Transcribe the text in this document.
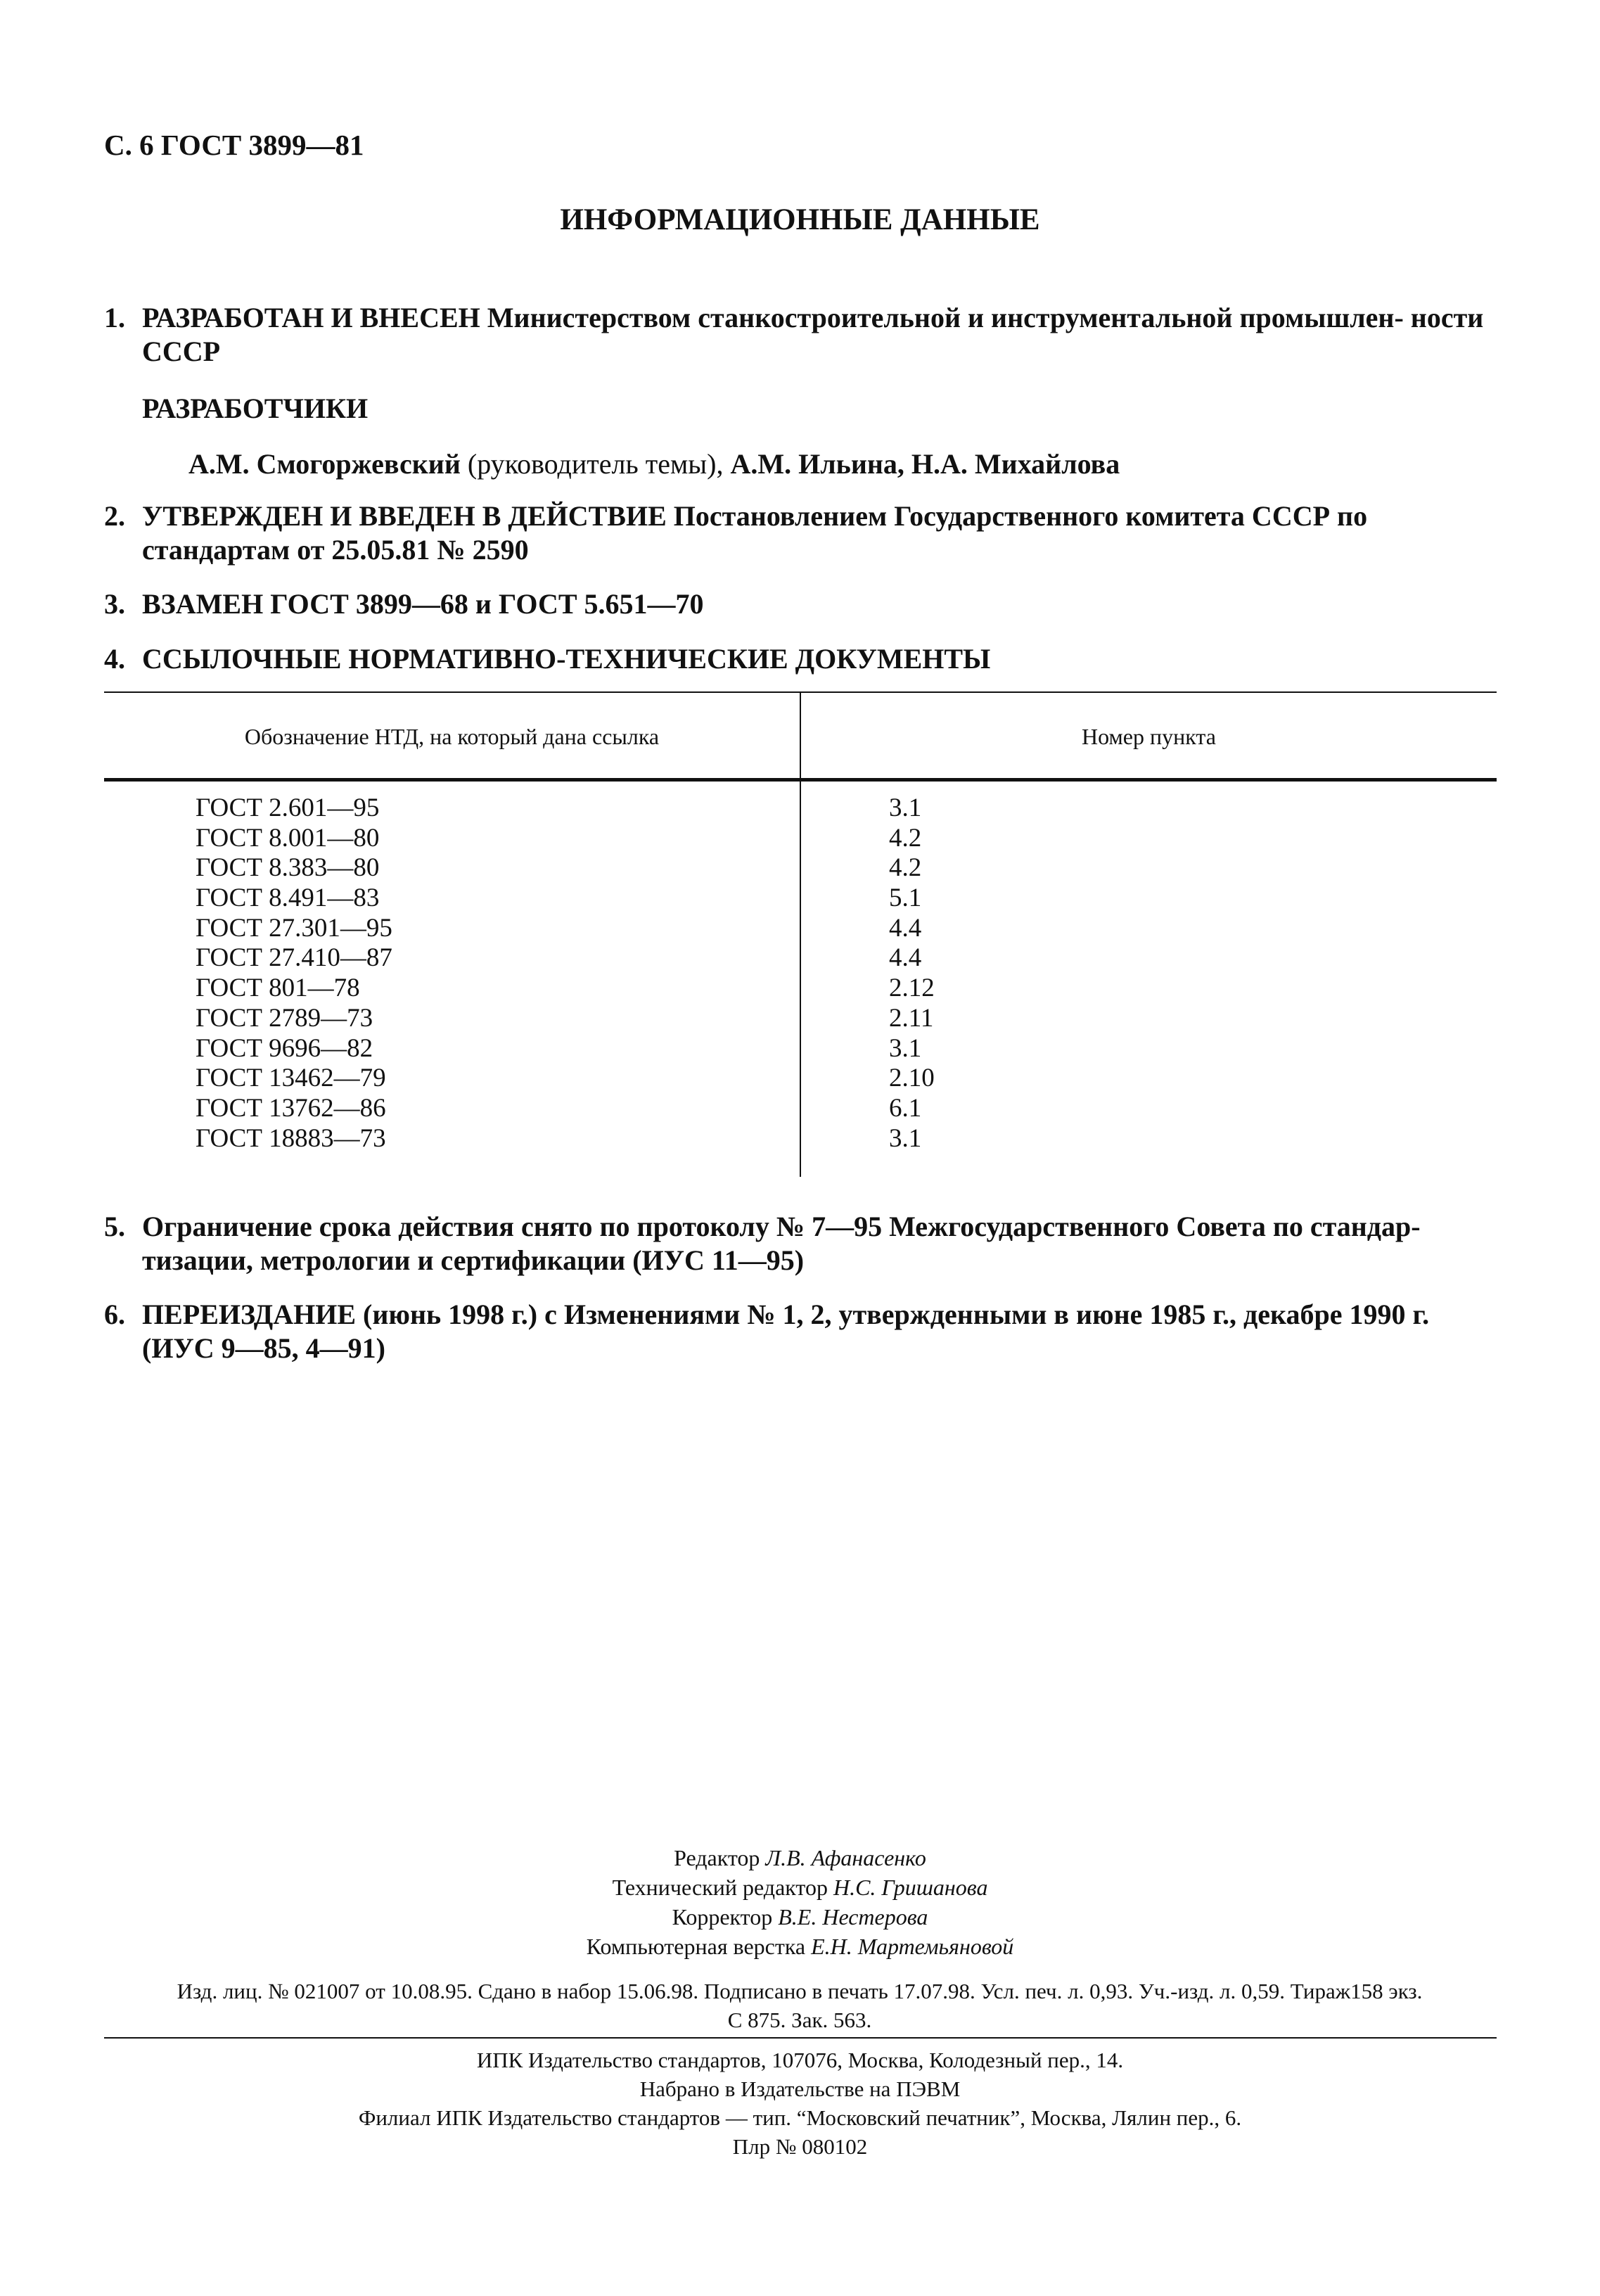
С. 6 ГОСТ 3899—81
ИНФОРМАЦИОННЫЕ ДАННЫЕ
1. РАЗРАБОТАН И ВНЕСЕН Министерством станкостроительной и инструментальной промышлен- ности СССР
РАЗРАБОТЧИКИ
А.М. Смогоржевский (руководитель темы), А.М. Ильина, Н.А. Михайлова
2. УТВЕРЖДЕН И ВВЕДЕН В ДЕЙСТВИЕ Постановлением Государственного комитета СССР по стандартам от 25.05.81 № 2590
3. ВЗАМЕН ГОСТ 3899—68 и ГОСТ 5.651—70
4. ССЫЛОЧНЫЕ НОРМАТИВНО-ТЕХНИЧЕСКИЕ ДОКУМЕНТЫ
Обозначение НТД, на который дана ссылка	Номер пункта
ГОСТ 2.601—95	3.1
ГОСТ 8.001—80	4.2
ГОСТ 8.383—80	4.2
ГОСТ 8.491—83	5.1
ГОСТ 27.301—95	4.4
ГОСТ 27.410—87	4.4
ГОСТ 801—78	2.12
ГОСТ 2789—73	2.11
ГОСТ 9696—82	3.1
ГОСТ 13462—79	2.10
ГОСТ 13762—86	6.1
ГОСТ 18883—73	3.1
5. Ограничение срока действия снято по протоколу № 7—95 Межгосударственного Совета по стандар- тизации, метрологии и сертификации (ИУС 11—95)
6. ПЕРЕИЗДАНИЕ (июнь 1998 г.) с Изменениями № 1, 2, утвержденными в июне 1985 г., декабре 1990 г. (ИУС 9—85, 4—91)
Редактор Л.В. Афанасенко
Технический редактор Н.С. Гришанова
Корректор В.Е. Нестерова
Компьютерная верстка Е.Н. Мартемьяновой
Изд. лиц. № 021007 от 10.08.95. Сдано в набор 15.06.98. Подписано в печать 17.07.98. Усл. печ. л. 0,93. Уч.-изд. л. 0,59. Тираж158 экз.
С 875. Зак. 563.
ИПК Издательство стандартов, 107076, Москва, Колодезный пер., 14.
Набрано в Издательстве на ПЭВМ
Филиал ИПК Издательство стандартов — тип. “Московский печатник”, Москва, Лялин пер., 6.
Плр № 080102
